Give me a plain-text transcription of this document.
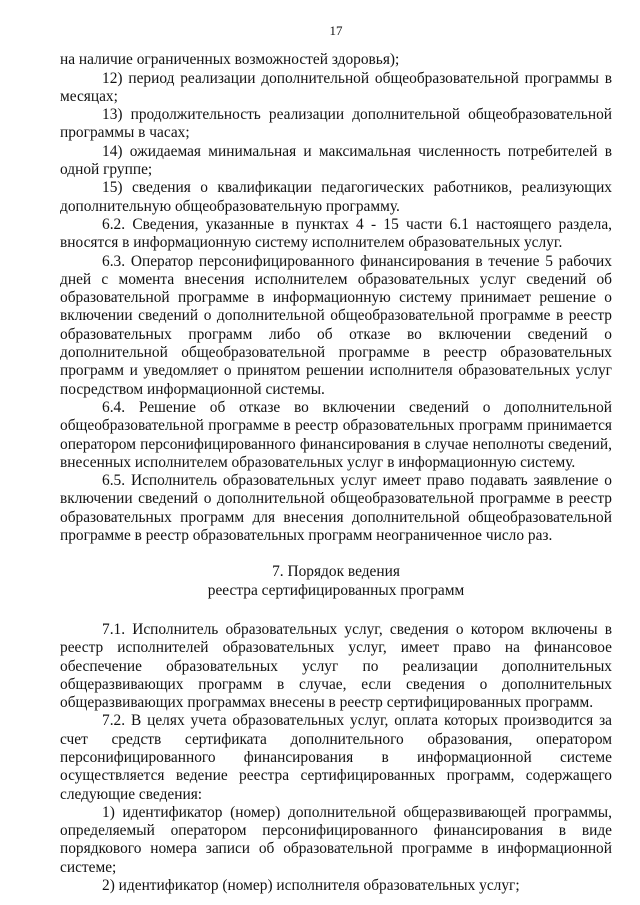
17

на наличие ограниченных возможностей здоровья);

12) период реализации дополнительной общеобразовательной программы в месяцах;

13) продолжительность реализации дополнительной общеобразовательной программы в часах;

14) ожидаемая минимальная и максимальная численность потребителей в одной группе;

15) сведения о квалификации педагогических работников, реализующих дополнительную общеобразовательную программу.

6.2. Сведения, указанные в пунктах 4 - 15 части 6.1 настоящего раздела, вносятся в информационную систему исполнителем образовательных услуг.

6.3. Оператор персонифицированного финансирования в течение 5 рабочих дней с момента внесения исполнителем образовательных услуг сведений об образовательной программе в информационную систему принимает решение о включении сведений о дополнительной общеобразовательной программе в реестр образовательных программ либо об отказе во включении сведений о дополнительной общеобразовательной программе в реестр образовательных программ и уведомляет о принятом решении исполнителя образовательных услуг посредством информационной системы.

6.4. Решение об отказе во включении сведений о дополнительной общеобразовательной программе в реестр образовательных программ принимается оператором персонифицированного финансирования в случае неполноты сведений, внесенных исполнителем образовательных услуг в информационную систему.

6.5. Исполнитель образовательных услуг имеет право подавать заявление о включении сведений о дополнительной общеобразовательной программе в реестр образовательных программ для внесения дополнительной общеобразовательной программе в реестр образовательных программ неограниченное число раз.

7. Порядок ведения
реестра сертифицированных программ

7.1. Исполнитель образовательных услуг, сведения о котором включены в реестр исполнителей образовательных услуг, имеет право на финансовое обеспечение образовательных услуг по реализации дополнительных общеразвивающих программ в случае, если сведения о дополнительных общеразвивающих программах внесены в реестр сертифицированных программ.

7.2. В целях учета образовательных услуг, оплата которых производится за счет средств сертификата дополнительного образования, оператором персонифицированного финансирования в информационной системе осуществляется ведение реестра сертифицированных программ, содержащего следующие сведения:

1) идентификатор (номер) дополнительной общеразвивающей программы, определяемый оператором персонифицированного финансирования в виде порядкового номера записи об образовательной программе в информационной системе;

2) идентификатор (номер) исполнителя образовательных услуг;
